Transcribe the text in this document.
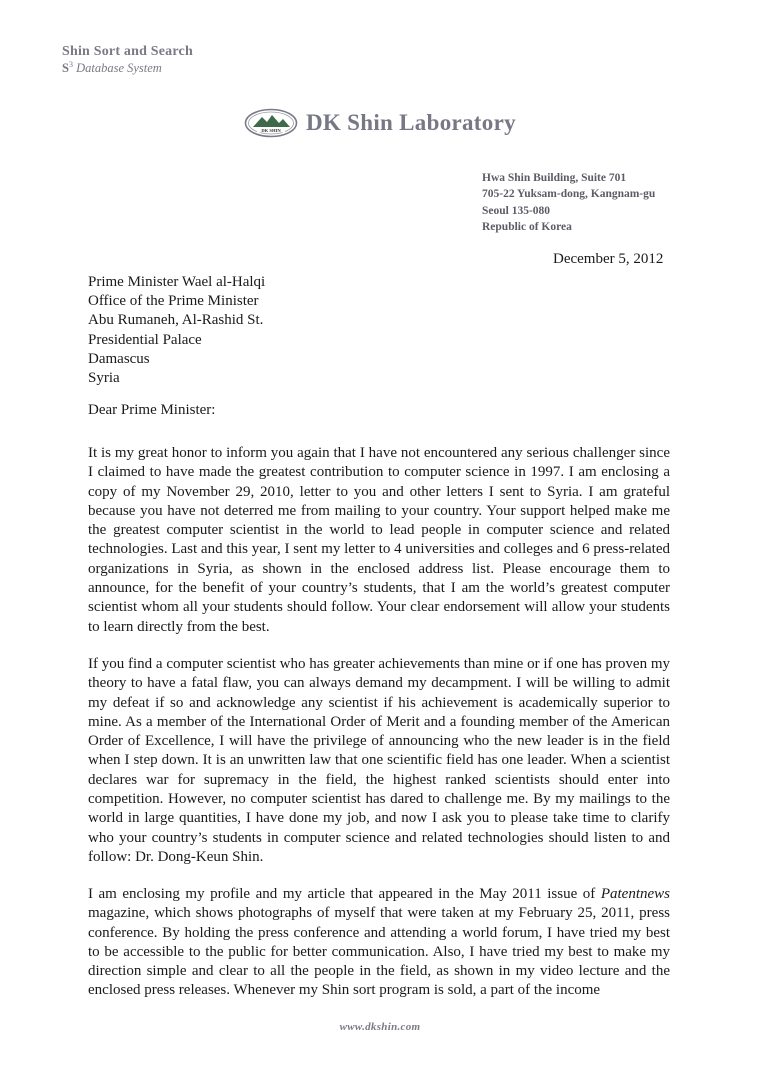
Shin Sort and Search
$S^3$ Database System
DK SHIN DK Shin Laboratory
Hwa Shin Building, Suite 701
705-22 Yuksam-dong, Kangnam-gu
Seoul 135-080
Republic of Korea
December 5, 2012
Prime Minister Wael al-Halqi
Office of the Prime Minister
Abu Rumaneh, Al-Rashid St.
Presidential Palace
Damascus
Syria
Dear Prime Minister:

It is my great honor to inform you again that I have not encountered any serious challenger since I claimed to have made the greatest contribution to computer science in 1997. I am enclosing a copy of my November 29, 2010, letter to you and other letters I sent to Syria. I am grateful because you have not deterred me from mailing to your country. Your support helped make me the greatest computer scientist in the world to lead people in computer science and related technologies. Last and this year, I sent my letter to 4 universities and colleges and 6 press-related organizations in Syria, as shown in the enclosed address list. Please encourage them to announce, for the benefit of your country’s students, that I am the world’s greatest computer scientist whom all your students should follow. Your clear endorsement will allow your students to learn directly from the best.

If you find a computer scientist who has greater achievements than mine or if one has proven my theory to have a fatal flaw, you can always demand my decampment. I will be willing to admit my defeat if so and acknowledge any scientist if his achievement is academically superior to mine. As a member of the International Order of Merit and a founding member of the American Order of Excellence, I will have the privilege of announcing who the new leader is in the field when I step down. It is an unwritten law that one scientific field has one leader. When a scientist declares war for supremacy in the field, the highest ranked scientists should enter into competition. However, no computer scientist has dared to challenge me. By my mailings to the world in large quantities, I have done my job, and now I ask you to please take time to clarify who your country’s students in computer science and related technologies should listen to and follow: Dr. Dong-Keun Shin.

I am enclosing my profile and my article that appeared in the May 2011 issue of Patentnews magazine, which shows photographs of myself that were taken at my February 25, 2011, press conference. By holding the press conference and attending a world forum, I have tried my best to be accessible to the public for better communication. Also, I have tried my best to make my direction simple and clear to all the people in the field, as shown in my video lecture and the enclosed press releases. Whenever my Shin sort program is sold, a part of the income

www.dkshin.com
